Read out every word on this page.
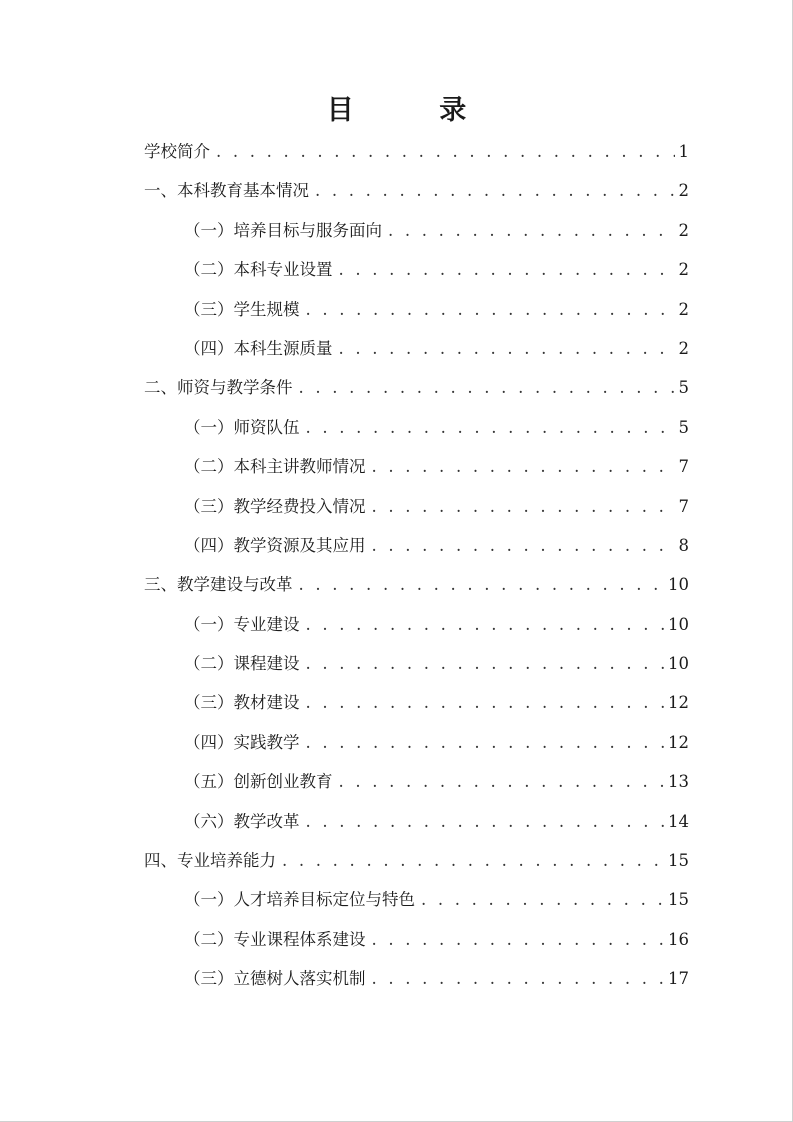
目 录
学校简介 . . .	1
一、本科教育基本情况 . . .	2
（一）培养目标与服务面向 . . .	2
（二）本科专业设置 . . .	2
（三）学生规模 . . .	2
（四）本科生源质量 . . .	2
二、师资与教学条件 . . .	5
（一）师资队伍 . . .	5
（二）本科主讲教师情况 . . .	7
（三）教学经费投入情况 . . .	7
（四）教学资源及其应用 . . .	8
三、教学建设与改革 . . .	10
（一）专业建设 . . .	10
（二）课程建设 . . .	10
（三）教材建设 . . .	12
（四）实践教学 . . .	12
（五）创新创业教育 . . .	13
（六）教学改革 . . .	14
四、专业培养能力 . . .	15
（一）人才培养目标定位与特色 . . .	15
（二）专业课程体系建设 . . .	16
（三）立德树人落实机制 . . .	17
